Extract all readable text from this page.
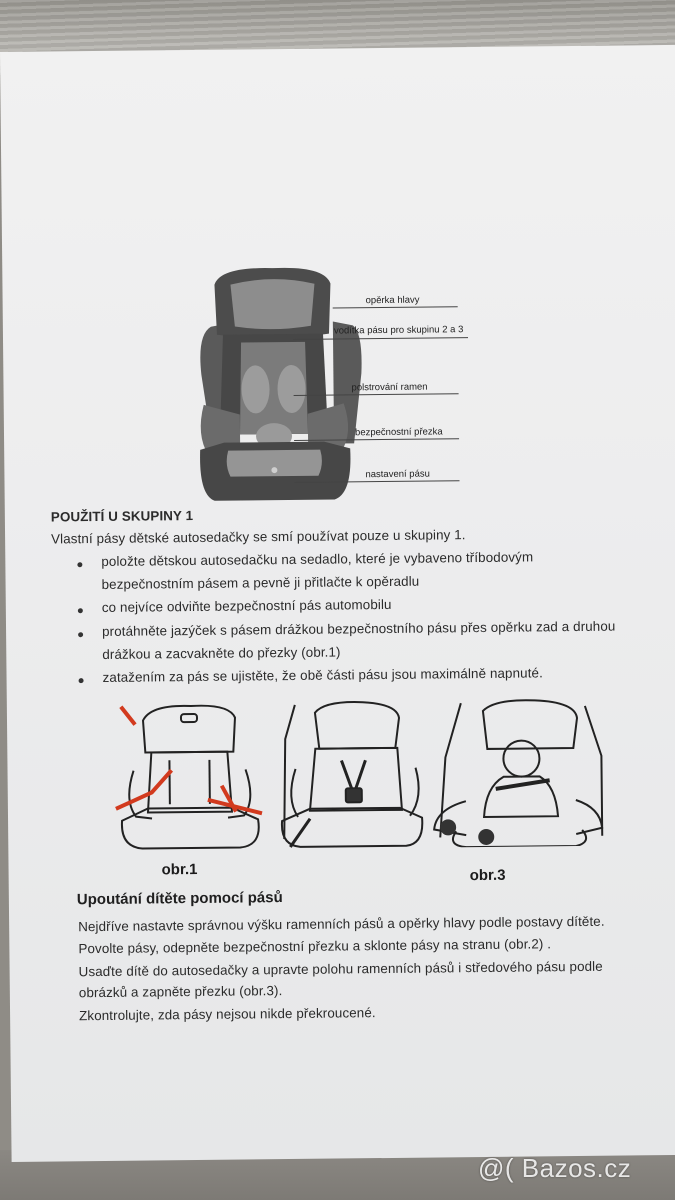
opěrka hlavy
vodítka pásu pro skupinu 2 a 3
polstrování ramen
bezpečnostní přezka
nastavení pásu
POUŽITÍ U SKUPINY 1
Vlastní pásy dětské autosedačky se smí používat pouze u skupiny 1.
položte dětskou autosedačku na sedadlo, které je vybaveno tříbodovým
bezpečnostním pásem a pevně ji přitlačte k opěradlu
co nejvíce odviňte bezpečnostní pás automobilu
protáhněte jazýček s pásem drážkou bezpečnostního pásu přes opěrku zad a druhou
drážkou a zacvakněte do přezky (obr.1)
zatažením za pás se ujistěte, že obě části pásu jsou maximálně napnuté.
obr.1	obr.3
Upoutání dítěte pomocí pásů
Nejdříve nastavte správnou výšku ramenních pásů a opěrky hlavy podle postavy dítěte.
Povolte pásy, odepněte bezpečnostní přezku a sklonte pásy na stranu (obr.2) .
Usaďte dítě do autosedačky a upravte polohu ramenních pásů i středového pásu podle
obrázků a zapněte přezku (obr.3).
Zkontrolujte, zda pásy nejsou nikde překroucené.
@( Bazos.cz
